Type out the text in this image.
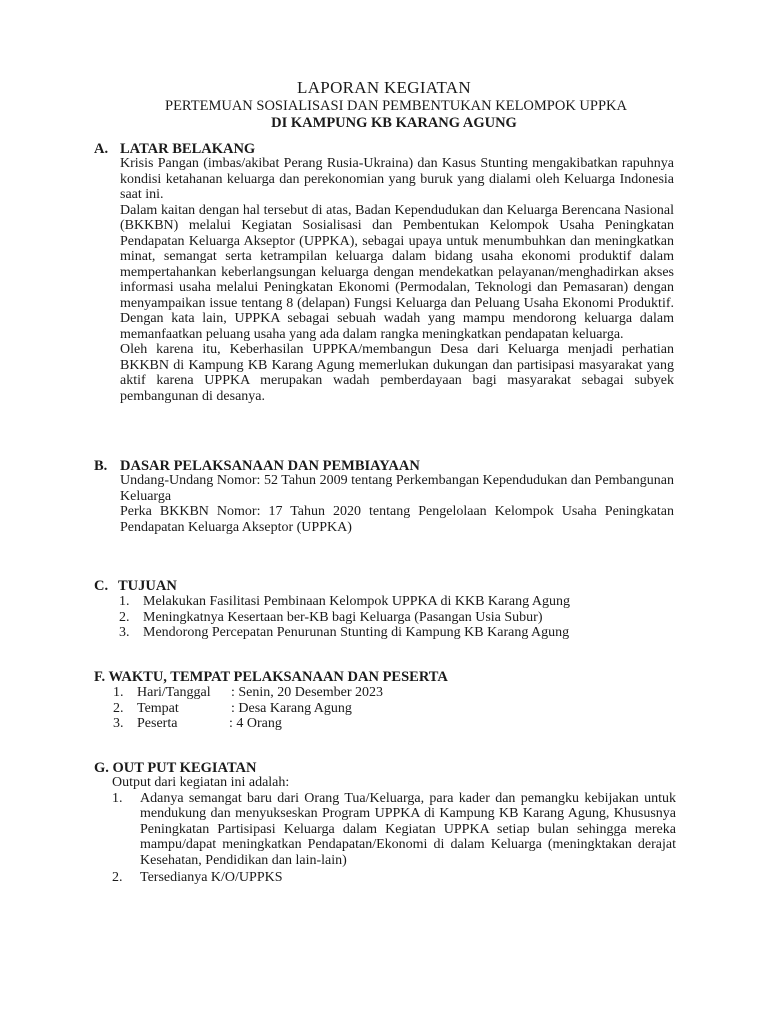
LAPORAN KEGIATAN
PERTEMUAN SOSIALISASI DAN PEMBENTUKAN KELOMPOK UPPKA
DI KAMPUNG KB KARANG AGUNG
A. LATAR BELAKANG

Krisis Pangan (imbas/akibat Perang Rusia-Ukraina) dan Kasus Stunting mengakibatkan rapuhnya kondisi ketahanan keluarga dan perekonomian yang buruk yang dialami oleh Keluarga Indonesia saat ini.

Dalam kaitan dengan hal tersebut di atas, Badan Kependudukan dan Keluarga Berencana Nasional (BKKBN) melalui Kegiatan Sosialisasi dan Pembentukan Kelompok Usaha Peningkatan Pendapatan Keluarga Akseptor (UPPKA), sebagai upaya untuk menumbuhkan dan meningkatkan minat, semangat serta ketrampilan keluarga dalam bidang usaha ekonomi produktif dalam mempertahankan keberlangsungan keluarga dengan mendekatkan pelayanan/menghadirkan akses informasi usaha melalui Peningkatan Ekonomi (Permodalan, Teknologi dan Pemasaran) dengan menyampaikan issue tentang 8 (delapan) Fungsi Keluarga dan Peluang Usaha Ekonomi Produktif. Dengan kata lain, UPPKA sebagai sebuah wadah yang mampu mendorong keluarga dalam memanfaatkan peluang usaha yang ada dalam rangka meningkatkan pendapatan keluarga.

Oleh karena itu, Keberhasilan UPPKA/membangun Desa dari Keluarga menjadi perhatian BKKBN di Kampung KB Karang Agung memerlukan dukungan dan partisipasi masyarakat yang aktif karena UPPKA merupakan wadah pemberdayaan bagi masyarakat sebagai subyek pembangunan di desanya.

B. DASAR PELAKSANAAN DAN PEMBIAYAAN

Undang-Undang Nomor: 52 Tahun 2009 tentang Perkembangan Kependudukan dan Pembangunan Keluarga

Perka BKKBN Nomor: 17 Tahun 2020 tentang Pengelolaan Kelompok Usaha Peningkatan Pendapatan Keluarga Akseptor (UPPKA)

C. TUJUAN
1. Melakukan Fasilitasi Pembinaan Kelompok UPPKA di KKB Karang Agung
2. Meningkatnya Kesertaan ber-KB bagi Keluarga (Pasangan Usia Subur)
3. Mendorong Percepatan Penurunan Stunting di Kampung KB Karang Agung
F. WAKTU, TEMPAT PELAKSANAAN DAN PESERTA
1. Hari/Tanggal : Senin, 20 Desember 2023
2. Tempat	: Desa Karang Agung
3. Peserta	: 4 Orang
G. OUT PUT KEGIATAN

Output dari kegiatan ini adalah:

1. Adanya semangat baru dari Orang Tua/Keluarga, para kader dan pemangku kebijakan untuk mendukung dan menyukseskan Program UPPKA di Kampung KB Karang Agung, Khususnya Peningkatan Partisipasi Keluarga dalam Kegiatan UPPKA setiap bulan sehingga mereka mampu/dapat meningkatkan Pendapatan/Ekonomi di dalam Keluarga (meningktakan derajat Kesehatan, Pendidikan dan lain-lain)
2. Tersedianya K/O/UPPKS
